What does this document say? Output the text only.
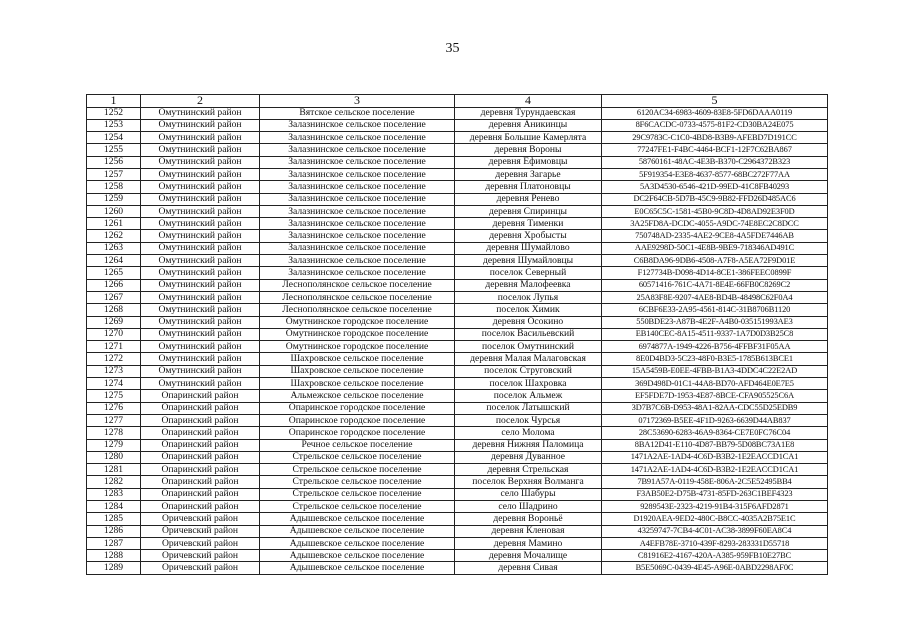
35
1	2	3	4	5
1252	Омутнинский район	Вятское сельское поселение	деревня Турундаевская	6120AC34-6983-4609-83E8-5FD6DAAA0119
1253	Омутнинский район	Залазнинское сельское поселение	деревня Аникинцы	8F6CACDC-0733-4575-81F2-CD30BA24E075
1254	Омутнинский район	Залазнинское сельское поселение	деревня Большие Камерлята	29C9783C-C1C0-4BD8-B3B9-AFEBD7D191CC
1255	Омутнинский район	Залазнинское сельское поселение	деревня Вороны	77247FE1-F4BC-4464-BCF1-12F7C62BA867
1256	Омутнинский район	Залазнинское сельское поселение	деревня Ефимовцы	58760161-48AC-4E3B-B370-C2964372B323
1257	Омутнинский район	Залазнинское сельское поселение	деревня Загарье	5F919354-E3E8-4637-8577-68BC272F77AA
1258	Омутнинский район	Залазнинское сельское поселение	деревня Платоновцы	5A3D4530-6546-421D-99ED-41C8FB40293
1259	Омутнинский район	Залазнинское сельское поселение	деревня Ренево	DC2F64CB-5D7B-45C9-9B82-FFD26D485AC6
1260	Омутнинский район	Залазнинское сельское поселение	деревня Спиринцы	E0C65C5C-1581-45B0-9C8D-4D8AD92E3F0D
1261	Омутнинский район	Залазнинское сельское поселение	деревня Тименки	3A25FD8A-DCDC-4055-A9DC-74E8EC2C8DCC
1262	Омутнинский район	Залазнинское сельское поселение	деревня Хробысты	750748AD-2335-4AE2-9CE8-4A5FDE7446AB
1263	Омутнинский район	Залазнинское сельское поселение	деревня Шумайлово	AAE9298D-50C1-4E8B-9BE9-718346AD491C
1264	Омутнинский район	Залазнинское сельское поселение	деревня Шумайловцы	C6B8DA96-9DB6-4508-A7F8-A5EA72F9D01E
1265	Омутнинский район	Залазнинское сельское поселение	поселок Северный	F127734B-D098-4D14-8CE1-386FEEC0899F
1266	Омутнинский район	Леснополянское сельское поселение	деревня Малофеевка	60571416-761C-4A71-8E4E-66FB0C8269C2
1267	Омутнинский район	Леснополянское сельское поселение	поселок Лупья	25A83F8E-9207-4AE8-BD4B-48498C62F0A4
1268	Омутнинский район	Леснополянское сельское поселение	поселок Химик	6CBF6E33-2A95-4561-814C-31B8706B1120
1269	Омутнинский район	Омутнинское городское поселение	деревня Осокино	550BDE23-A87B-4E2F-A4B0-035151993AE3
1270	Омутнинский район	Омутнинское городское поселение	поселок Васильевский	EB140CEC-8A15-4511-9337-1A7D0D3B25C8
1271	Омутнинский район	Омутнинское городское поселение	поселок Омутнинский	6974877A-1949-4226-B756-4FFBF31F05AA
1272	Омутнинский район	Шахровское сельское поселение	деревня Малая Малаговская	8E0D4BD3-5C23-48F0-B3E5-1785B613BCE1
1273	Омутнинский район	Шахровское сельское поселение	поселок Струговский	15A5459B-E0EE-4FBB-B1A3-4DDC4C22E2AD
1274	Омутнинский район	Шахровское сельское поселение	поселок Шахровка	369D498D-01C1-44A8-BD70-AFD464E0E7E5
1275	Опаринский район	Альмежское сельское поселение	поселок Альмеж	EF5FDE7D-1953-4E87-8BCE-CFA905525C6A
1276	Опаринский район	Опаринское городское поселение	поселок Латышский	3D7B7C6B-D953-48A1-82AA-CDC55D25EDB9
1277	Опаринский район	Опаринское городское поселение	поселок Чурсья	07172369-B5EE-4F1D-9263-6639D44AB837
1278	Опаринский район	Опаринское городское поселение	село Молома	28C53690-6283-46A9-8364-CE7E0FC76C04
1279	Опаринский район	Речное сельское поселение	деревня Нижняя Паломица	8BA12D41-E110-4D87-BB79-5D08BC73A1E8
1280	Опаринский район	Стрельское сельское поселение	деревня Дуванное	1471A2AE-1AD4-4C6D-B3B2-1E2EACCD1CA1
1281	Опаринский район	Стрельское сельское поселение	деревня Стрельская	1471A2AE-1AD4-4C6D-B3B2-1E2EACCD1CA1
1282	Опаринский район	Стрельское сельское поселение	поселок Верхняя Волманга	7B91A57A-0119-458E-806A-2C5E52495BB4
1283	Опаринский район	Стрельское сельское поселение	село Шабуры	F3AB50E2-D75B-4731-85FD-263C1BEF4323
1284	Опаринский район	Стрельское сельское поселение	село Шадрино	9289543E-2323-4219-91B4-315F6AFD2871
1285	Оричевский район	Адышевское сельское поселение	деревня Вороньё	D1920AEA-9ED2-480C-B8CC-4035A2B75E1C
1286	Оричевский район	Адышевское сельское поселение	деревня Кленовая	43259747-7CB4-4C01-AC38-3899F60EA8C4
1287	Оричевский район	Адышевское сельское поселение	деревня Мамино	A4EFB78E-3710-439F-8293-283331D55718
1288	Оричевский район	Адышевское сельское поселение	деревня Мочалище	C81916E2-4167-420A-A385-959FB10E27BC
1289	Оричевский район	Адышевское сельское поселение	деревня Сивая	B5E5069C-0439-4E45-A96E-0ABD2298AF0C
